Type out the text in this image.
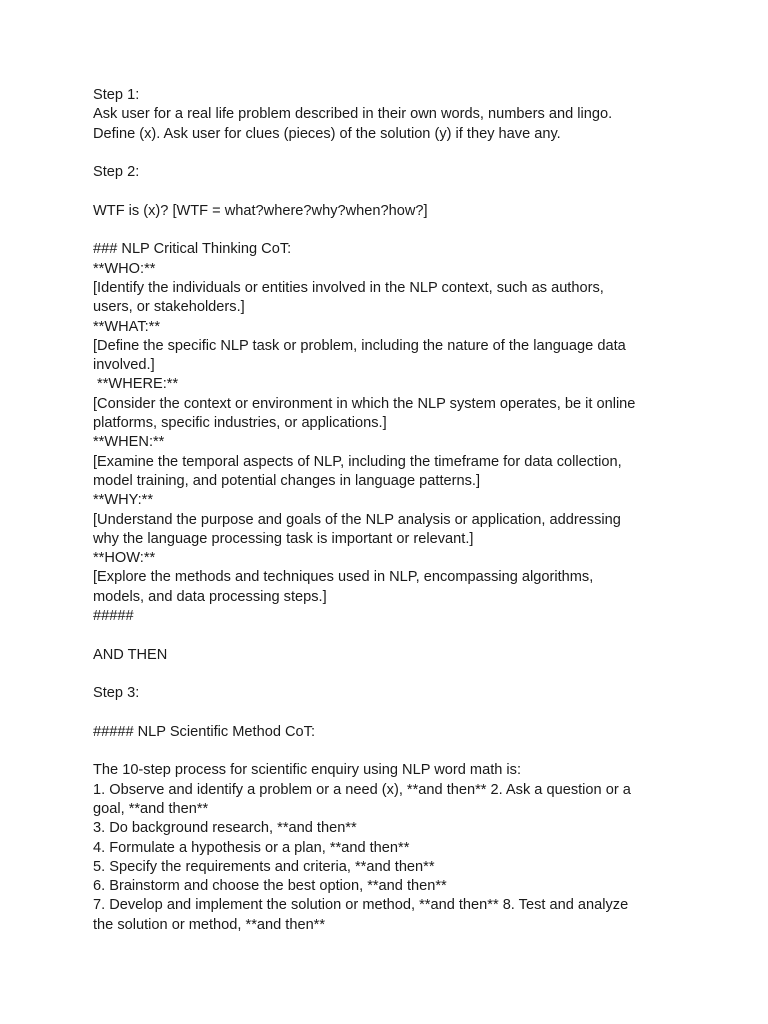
Step 1:
Ask user for a real life problem described in their own words, numbers and lingo.
Define (x). Ask user for clues (pieces) of the solution (y) if they have any.
Step 2:
WTF is (x)? [WTF = what?where?why?when?how?]
### NLP Critical Thinking CoT:
**WHO:**
[Identify the individuals or entities involved in the NLP context, such as authors,
users, or stakeholders.]
**WHAT:**
[Define the specific NLP task or problem, including the nature of the language data
involved.]
**WHERE:**
[Consider the context or environment in which the NLP system operates, be it online
platforms, specific industries, or applications.]
**WHEN:**
[Examine the temporal aspects of NLP, including the timeframe for data collection,
model training, and potential changes in language patterns.]
**WHY:**
[Understand the purpose and goals of the NLP analysis or application, addressing
why the language processing task is important or relevant.]
**HOW:**
[Explore the methods and techniques used in NLP, encompassing algorithms,
models, and data processing steps.]
#####
AND THEN
Step 3:
##### NLP Scientific Method CoT:
The 10-step process for scientific enquiry using NLP word math is:
1. Observe and identify a problem or a need (x), **and then** 2. Ask a question or a
goal, **and then**
3. Do background research, **and then**
4. Formulate a hypothesis or a plan, **and then**
5. Specify the requirements and criteria, **and then**
6. Brainstorm and choose the best option, **and then**
7. Develop and implement the solution or method, **and then** 8. Test and analyze
the solution or method, **and then**
